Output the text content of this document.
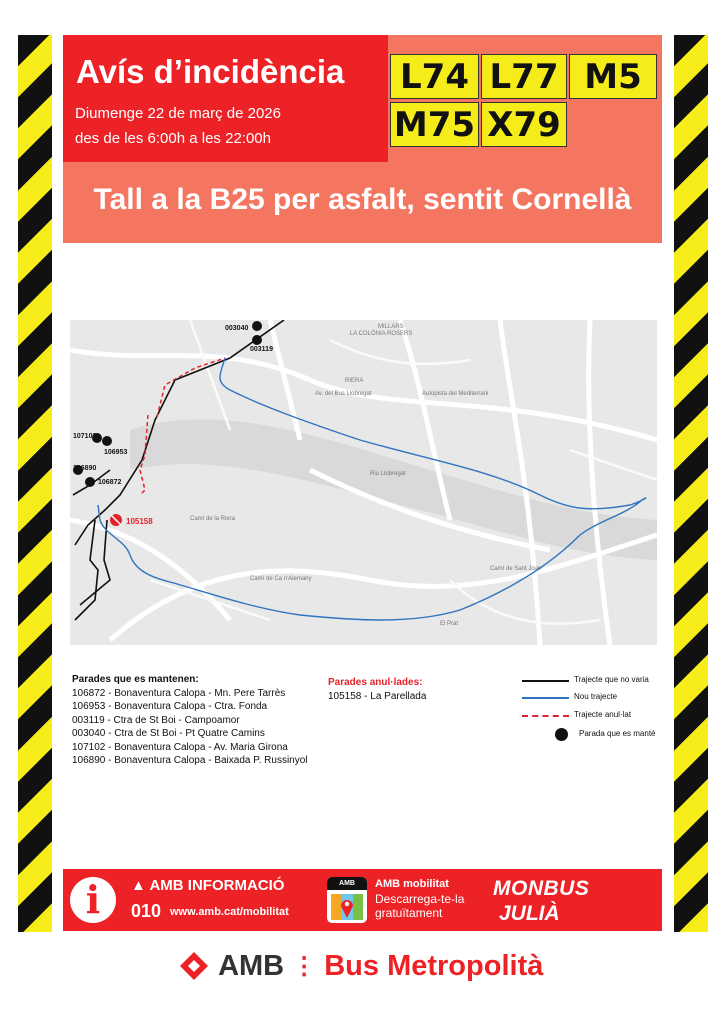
Avís d’incidència
Diumenge 22 de març de 2026
des de les 6:00h a les 22:00h
L74 L77 M5
M75 X79
Tall a la B25 per asfalt, sentit Cornellà
MILLARS
LA COLÒNIA ROSERS
RIERA
Av. del Bus Llobregat	Autopista del Mediterrani
Riu Llobregat
Camí de la Riera
Camí de Ca n'Alemany
Camí de Sant Joan
El Prat
003040
003119
107102
106953
106890
106872
105158
Parades que es mantenen:
106872 - Bonaventura Calopa - Mn. Pere Tarrès
106953 - Bonaventura Calopa - Ctra. Fonda
003119 - Ctra de St Boi - Campoamor
003040 - Ctra de St Boi - Pt Quatre Camins
107102 - Bonaventura Calopa - Av. Maria Girona
106890 - Bonaventura Calopa - Baixada P. Russinyol
Parades anul·lades:
105158 - La Parellada
Trajecte que no varia
Nou trajecte
Trajecte anul·lat
Parada que es manté
i	▲ AMB INFORMACIÓ
010 www.amb.cat/mobilitat
AMB	AMB mobilitat
Descarrega-te-la gratuïtament
MONBUS
JULIÀ
AMB ⋮ Bus Metropolità
